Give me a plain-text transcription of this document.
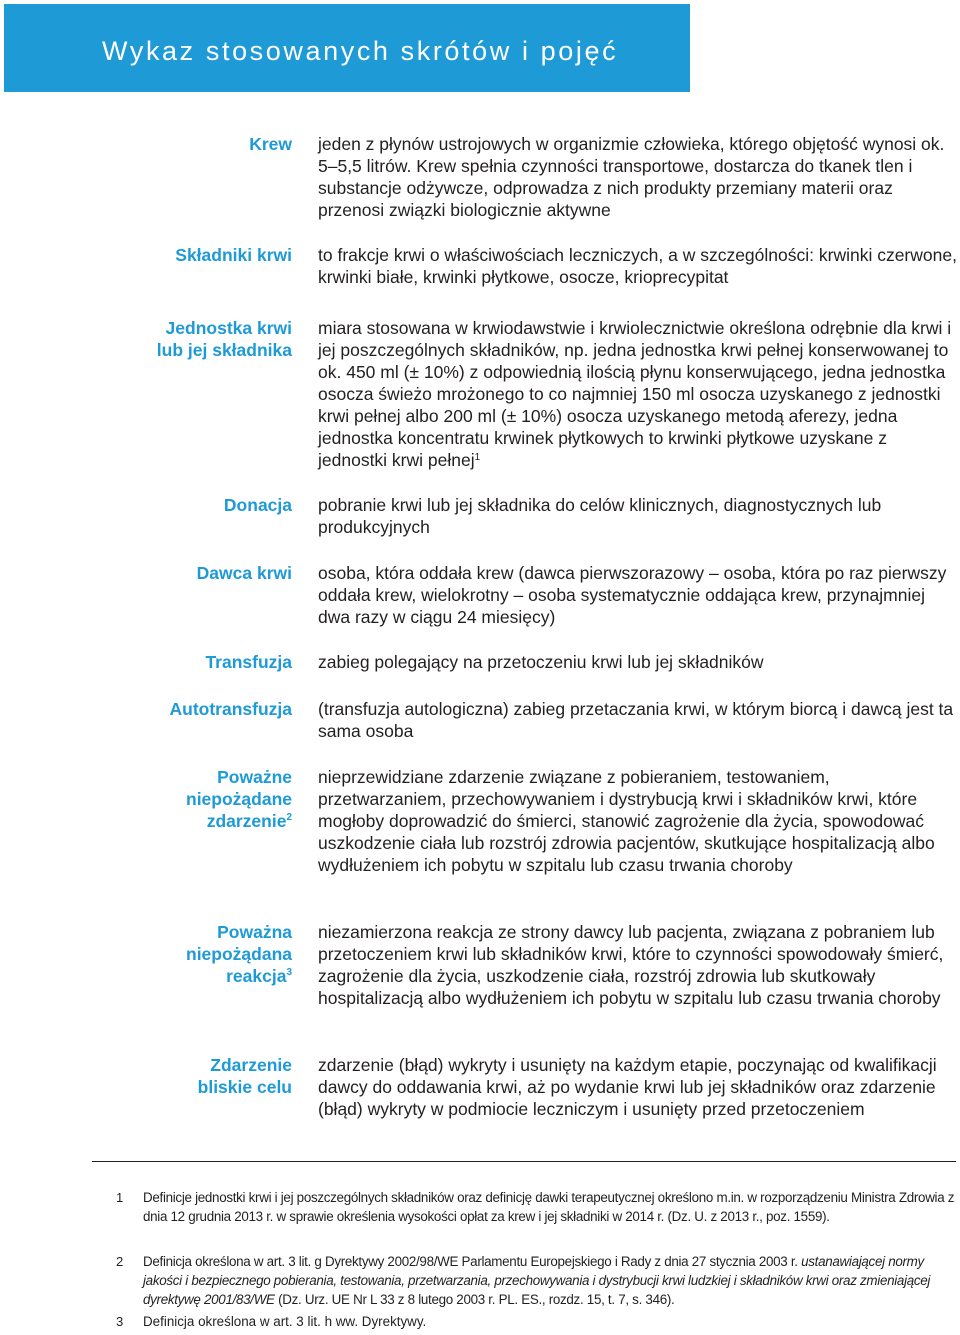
Wykaz stosowanych skrótów i pojęć
Krew jeden z płynów ustrojowych w organizmie człowieka, którego objętość wynosi ok. 5–5,5 litrów. Krew spełnia czynności transportowe, dostarcza do tkanek tlen i substancje odżywcze, odprowadza z nich produkty przemiany materii oraz przenosi związki biologicznie aktywne
Składniki krwi to frakcje krwi o właściwościach leczniczych, a w szczególności: krwinki czerwone, krwinki białe, krwinki płytkowe, osocze, krioprecypitat
Jednostka krwi lub jej składnika
miara stosowana w krwiodawstwie i krwiolecznictwie określona odrębnie dla krwi i jej poszczególnych składników, np. jedna jednostka krwi pełnej konserwowanej to ok. 450 ml (± 10%) z odpowiednią ilością płynu konserwującego, jedna jednostka osocza świeżo mrożonego to co najmniej 150 ml osocza uzyskanego z jednostki krwi pełnej albo 200 ml (± 10%) osocza uzyskanego metodą aferezy, jedna jednostka koncentratu krwinek płytkowych to krwinki płytkowe uzyskane z jednostki krwi pełnej$^1$
Donacja pobranie krwi lub jej składnika do celów klinicznych, diagnostycznych lub produkcyjnych
Dawca krwi osoba, która oddała krew (dawca pierwszorazowy – osoba, która po raz pierwszy oddała krew, wielokrotny – osoba systematycznie oddająca krew, przynajmniej dwa razy w ciągu 24 miesięcy)
Transfuzja zabieg polegający na przetoczeniu krwi lub jej składników
Autotransfuzja (transfuzja autologiczna) zabieg przetaczania krwi, w którym biorcą i dawcą jest ta sama osoba
Poważne niepożądane zdarzenie$^2$
nieprzewidziane zdarzenie związane z pobieraniem, testowaniem, przetwarzaniem, przechowywaniem i dystrybucją krwi i składników krwi, które mogłoby doprowadzić do śmierci, stanowić zagrożenie dla życia, spowodować uszkodzenie ciała lub rozstrój zdrowia pacjentów, skutkujące hospitalizacją albo wydłużeniem ich pobytu w szpitalu lub czasu trwania choroby
Poważna niepożądana reakcja$^3$
niezamierzona reakcja ze strony dawcy lub pacjenta, związana z pobraniem lub przetoczeniem krwi lub składników krwi, które to czynności spowodowały śmierć, zagrożenie dla życia, uszkodzenie ciała, rozstrój zdrowia lub skutkowały hospitalizacją albo wydłużeniem ich pobytu w szpitalu lub czasu trwania choroby
Zdarzenie bliskie celu
zdarzenie (błąd) wykryty i usunięty na każdym etapie, poczynając od kwalifikacji dawcy do oddawania krwi, aż po wydanie krwi lub jej składników oraz zdarzenie (błąd) wykryty w podmiocie leczniczym i usunięty przed przetoczeniem
1 Definicje jednostki krwi i jej poszczególnych składników oraz definicję dawki terapeutycznej określono m.in. w rozporządzeniu Ministra Zdrowia z dnia 12 grudnia 2013 r. w sprawie określenia wysokości opłat za krew i jej składniki w 2014 r. (Dz. U. z 2013 r., poz. 1559).
2 Definicja określona w art. 3 lit. g Dyrektywy 2002/98/WE Parlamentu Europejskiego i Rady z dnia 27 stycznia 2003 r. ustanawiającej normy jakości i bezpiecznego pobierania, testowania, przetwarzania, przechowywania i dystrybucji krwi ludzkiej i składników krwi oraz zmieniającej dyrektywę 2001/83/WE (Dz. Urz. UE Nr L 33 z 8 lutego 2003 r. PL. ES., rozdz. 15, t. 7, s. 346).
3 Definicja określona w art. 3 lit. h ww. Dyrektywy.
